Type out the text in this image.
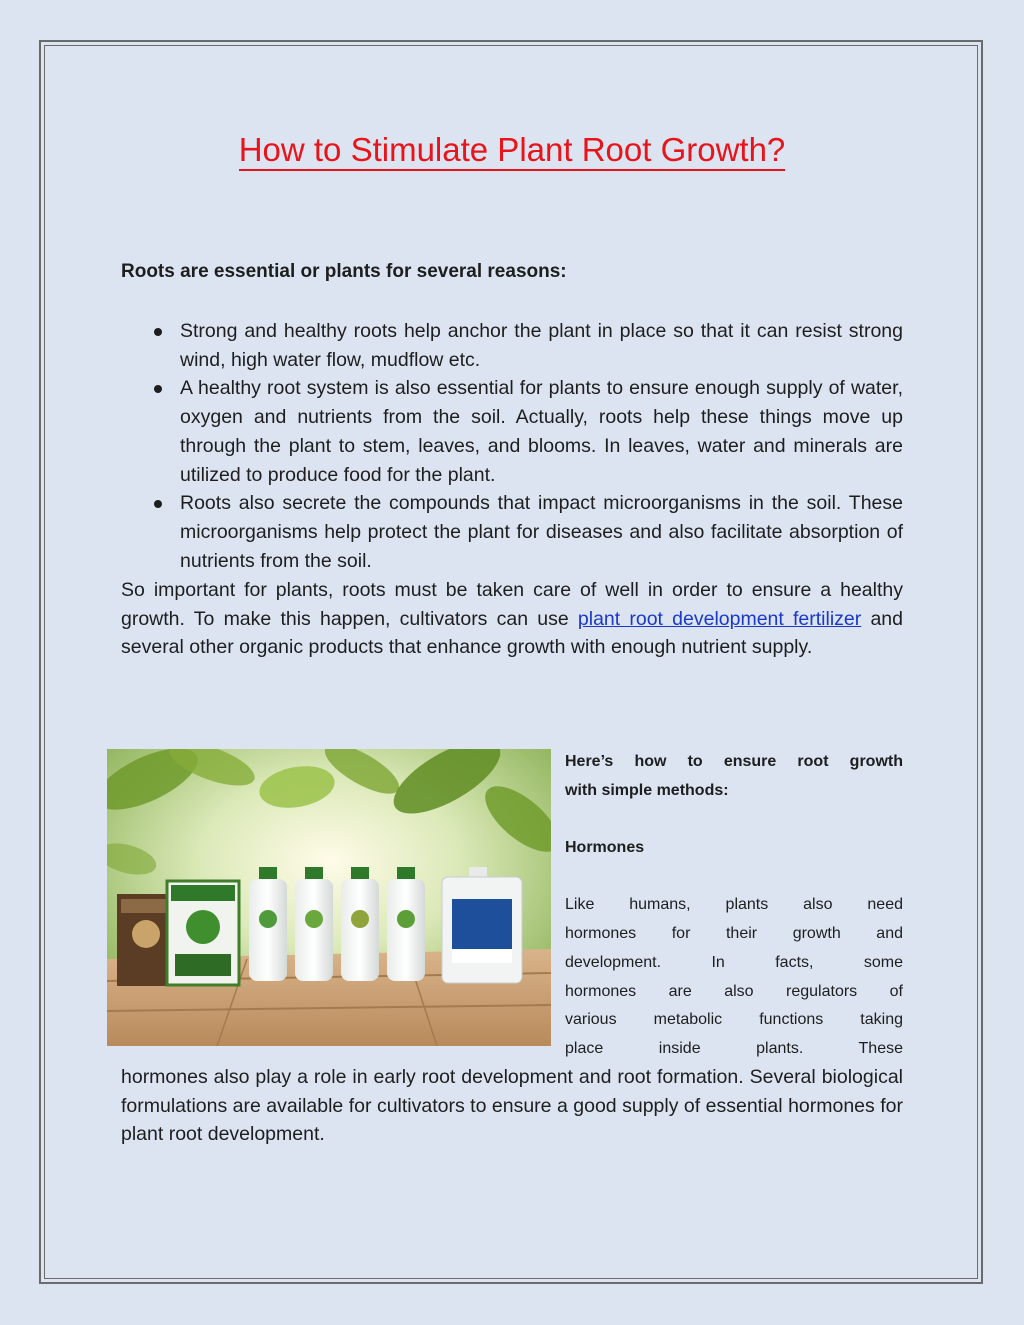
How to Stimulate Plant Root Growth?

Roots are essential or plants for several reasons:

Strong and healthy roots help anchor the plant in place so that it can resist strong wind, high water flow, mudflow etc.
A healthy root system is also essential for plants to ensure enough supply of water, oxygen and nutrients from the soil. Actually, roots help these things move up through the plant to stem, leaves, and blooms. In leaves, water and minerals are utilized to produce food for the plant.
Roots also secrete the compounds that impact microorganisms in the soil. These microorganisms help protect the plant for diseases and also facilitate absorption of nutrients from the soil.

So important for plants, roots must be taken care of well in order to ensure a healthy growth. To make this happen, cultivators can use plant root development fertilizer and several other organic products that enhance growth with enough nutrient supply.

hormones also play a role in early root development and root formation. Several biological formulations are available for cultivators to ensure a good supply of essential hormones for plant root development.

Here’s how to ensure root growth

with simple methods:

Hormones

Like humans, plants also need

hormones for their growth and

development. In facts, some

hormones are also regulators of

various metabolic functions taking

place inside plants. These
